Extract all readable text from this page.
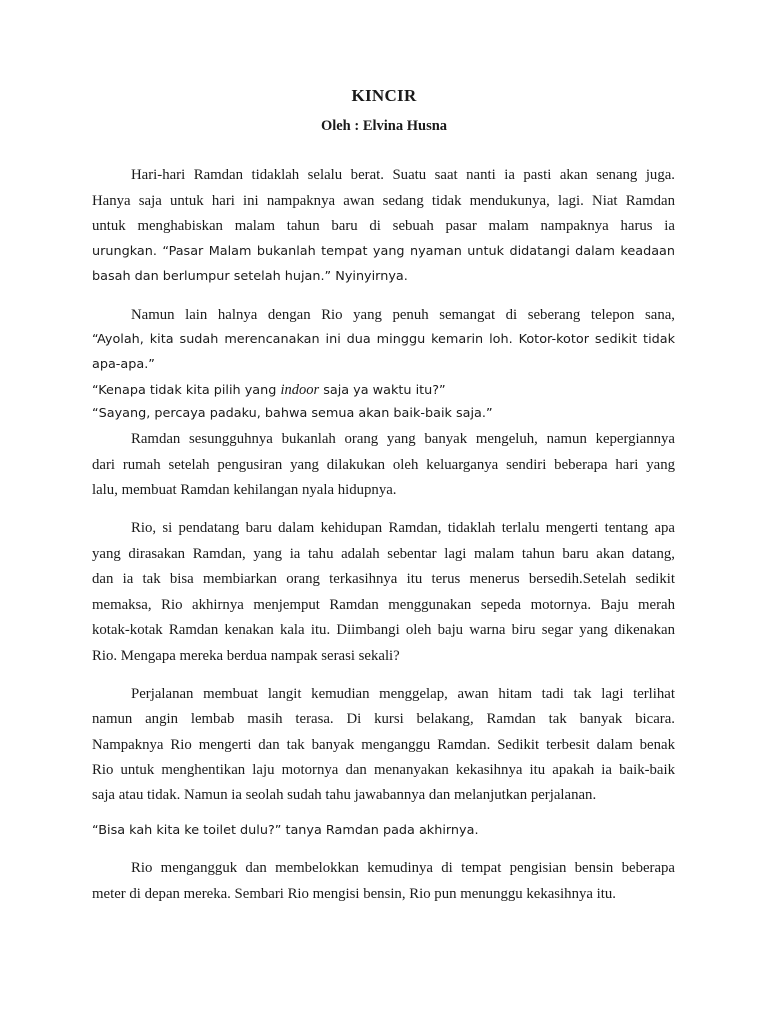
KINCIR
Oleh : Elvina Husna
Hari-hari Ramdan tidaklah selalu berat. Suatu saat nanti ia pasti akan senang juga.
Hanya saja untuk hari ini nampaknya awan sedang tidak mendukunya, lagi. Niat Ramdan
untuk menghabiskan malam tahun baru di sebuah pasar malam nampaknya harus ia
urungkan. “Pasar Malam bukanlah tempat yang nyaman untuk didatangi dalam keadaan
basah dan berlumpur setelah hujan.” Nyinyirnya.
Namun lain halnya dengan Rio yang penuh semangat di seberang telepon sana,
“Ayolah, kita sudah merencanakan ini dua minggu kemarin loh. Kotor-kotor sedikit tidak
apa-apa.”
“Kenapa tidak kita pilih yang indoor saja ya waktu itu?”
“Sayang, percaya padaku, bahwa semua akan baik-baik saja.”
Ramdan sesungguhnya bukanlah orang yang banyak mengeluh, namun kepergiannya
dari rumah setelah pengusiran yang dilakukan oleh keluarganya sendiri beberapa hari yang
lalu, membuat Ramdan kehilangan nyala hidupnya.
Rio, si pendatang baru dalam kehidupan Ramdan, tidaklah terlalu mengerti tentang apa
yang dirasakan Ramdan, yang ia tahu adalah sebentar lagi malam tahun baru akan datang,
dan ia tak bisa membiarkan orang terkasihnya itu terus menerus bersedih.Setelah sedikit
memaksa, Rio akhirnya menjemput Ramdan menggunakan sepeda motornya. Baju merah
kotak-kotak Ramdan kenakan kala itu. Diimbangi oleh baju warna biru segar yang dikenakan
Rio. Mengapa mereka berdua nampak serasi sekali?
Perjalanan membuat langit kemudian menggelap, awan hitam tadi tak lagi terlihat
namun angin lembab masih terasa. Di kursi belakang, Ramdan tak banyak bicara.
Nampaknya Rio mengerti dan tak banyak menganggu Ramdan. Sedikit terbesit dalam benak
Rio untuk menghentikan laju motornya dan menanyakan kekasihnya itu apakah ia baik-baik
saja atau tidak. Namun ia seolah sudah tahu jawabannya dan melanjutkan perjalanan.
“Bisa kah kita ke toilet dulu?” tanya Ramdan pada akhirnya.
Rio mengangguk dan membelokkan kemudinya di tempat pengisian bensin beberapa
meter di depan mereka. Sembari Rio mengisi bensin, Rio pun menunggu kekasihnya itu.
